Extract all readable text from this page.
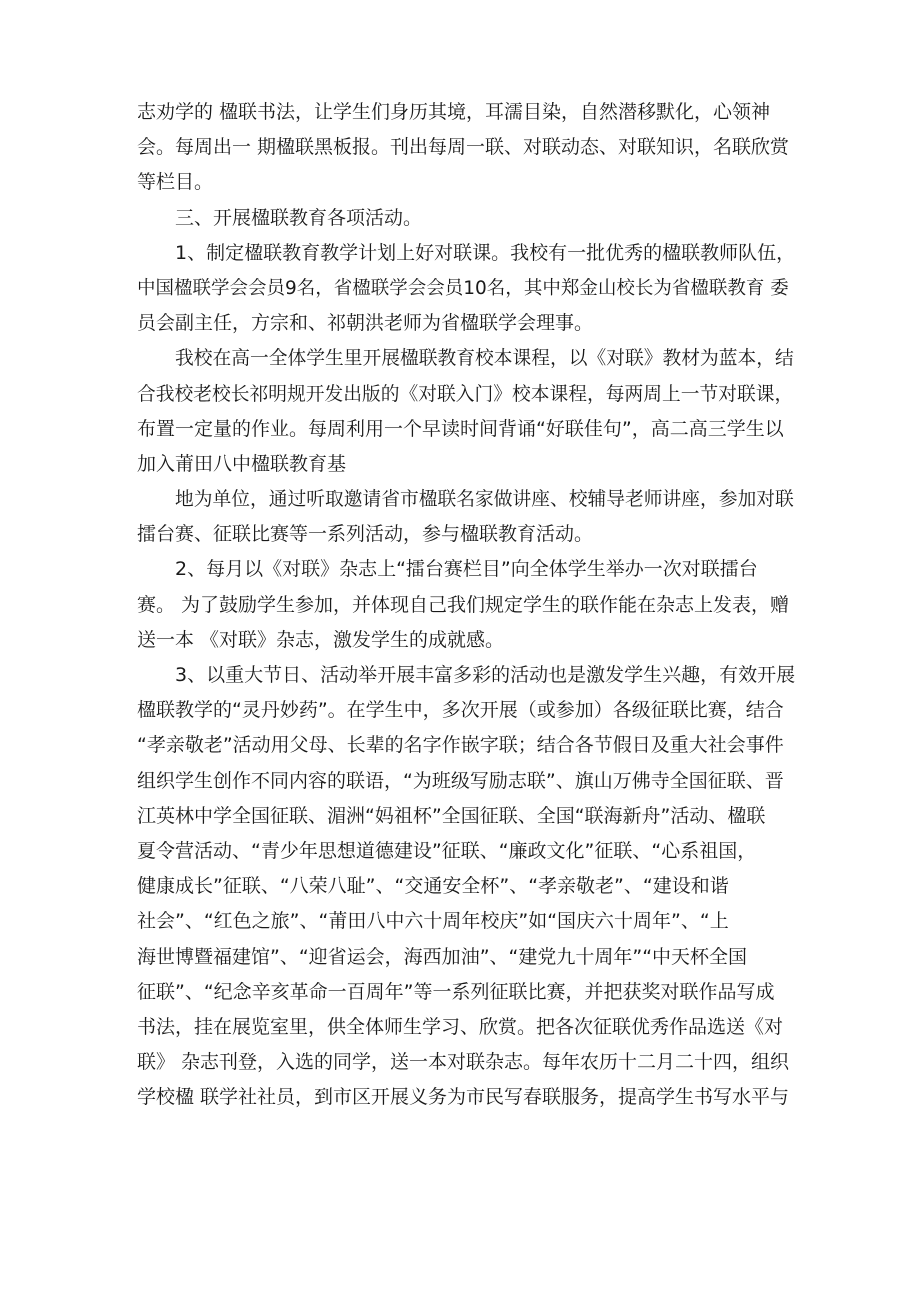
志劝学的 楹联书法，让学生们身历其境，耳濡目染，自然潜移默化，心领神
会。每周出一 期楹联黑板报。刊出每周一联、对联动态、对联知识，名联欣赏
等栏目。
三、开展楹联教育各项活动。
1、制定楹联教育教学计划上好对联课。我校有一批优秀的楹联教师队伍，
中国楹联学会会员9名，省楹联学会会员10名，其中郑金山校长为省楹联教育 委
员会副主任，方宗和、祁朝洪老师为省楹联学会理事。
我校在高一全体学生里开展楹联教育校本课程，以《对联》教材为蓝本，结
合我校老校长祁明规开发出版的《对联入门》校本课程，每两周上一节对联课，
布置一定量的作业。每周利用一个早读时间背诵“好联佳句”，高二高三学生以
加入莆田八中楹联教育基
地为单位，通过听取邀请省市楹联名家做讲座、校辅导老师讲座，参加对联
擂台赛、征联比赛等一系列活动，参与楹联教育活动。
2、每月以《对联》杂志上“擂台赛栏目”向全体学生举办一次对联擂台
赛。 为了鼓励学生参加，并体现自己我们规定学生的联作能在杂志上发表，赠
送一本 《对联》杂志，激发学生的成就感。
3、以重大节日、活动举开展丰富多彩的活动也是激发学生兴趣，有效开展
楹联教学的“灵丹妙药”。在学生中，多次开展（或参加）各级征联比赛，结合
“孝亲敬老”活动用父母、长辈的名字作嵌字联；结合各节假日及重大社会事件
组织学生创作不同内容的联语，“为班级写励志联”、旗山万佛寺全国征联、晋
江英林中学全国征联、湄洲“妈祖杯”全国征联、全国“联海新舟”活动、楹联
夏令营活动、“青少年思想道德建设”征联、“廉政文化”征联、“心系祖国，
健康成长”征联、“八荣八耻”、“交通安全杯”、“孝亲敬老”、“建设和谐
社会”、“红色之旅”、“莆田八中六十周年校庆”如“国庆六十周年”、“上
海世博暨福建馆”、“迎省运会，海西加油”、“建党九十周年”“中天杯全国
征联”、“纪念辛亥革命一百周年”等一系列征联比赛，并把获奖对联作品写成
书法，挂在展览室里，供全体师生学习、欣赏。把各次征联优秀作品选送《对
联》 杂志刊登，入选的同学，送一本对联杂志。每年农历十二月二十四，组织
学校楹 联学社社员，到市区开展义务为市民写春联服务，提高学生书写水平与
